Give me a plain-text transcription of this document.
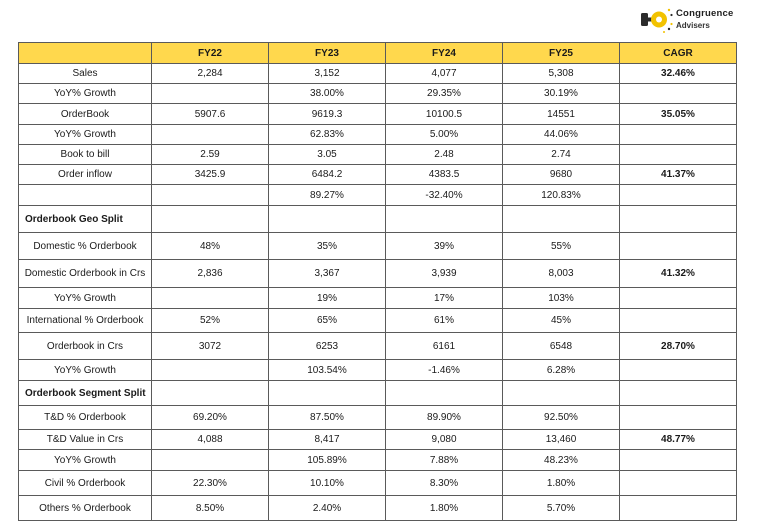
Congruence
Advisers
	FY22	FY23	FY24	FY25	CAGR
Sales	2,284	3,152	4,077	5,308	32.46%
YoY% Growth		38.00%	29.35%	30.19%	
OrderBook	5907.6	9619.3	10100.5	14551	35.05%
YoY% Growth		62.83%	5.00%	44.06%	
Book to bill	2.59	3.05	2.48	2.74	
Order inflow	3425.9	6484.2	4383.5	9680	41.37%
		89.27%	-32.40%	120.83%	
Orderbook Geo Split					
Domestic % Orderbook	48%	35%	39%	55%	
Domestic Orderbook in Crs	2,836	3,367	3,939	8,003	41.32%
YoY% Growth		19%	17%	103%	
International % Orderbook	52%	65%	61%	45%	
Orderbook in Crs	3072	6253	6161	6548	28.70%
YoY% Growth		103.54%	-1.46%	6.28%	
Orderbook Segment Split					
T&D % Orderbook	69.20%	87.50%	89.90%	92.50%	
T&D Value in Crs	4,088	8,417	9,080	13,460	48.77%
YoY% Growth		105.89%	7.88%	48.23%	
Civil % Orderbook	22.30%	10.10%	8.30%	1.80%	
Others % Orderbook	8.50%	2.40%	1.80%	5.70%	
